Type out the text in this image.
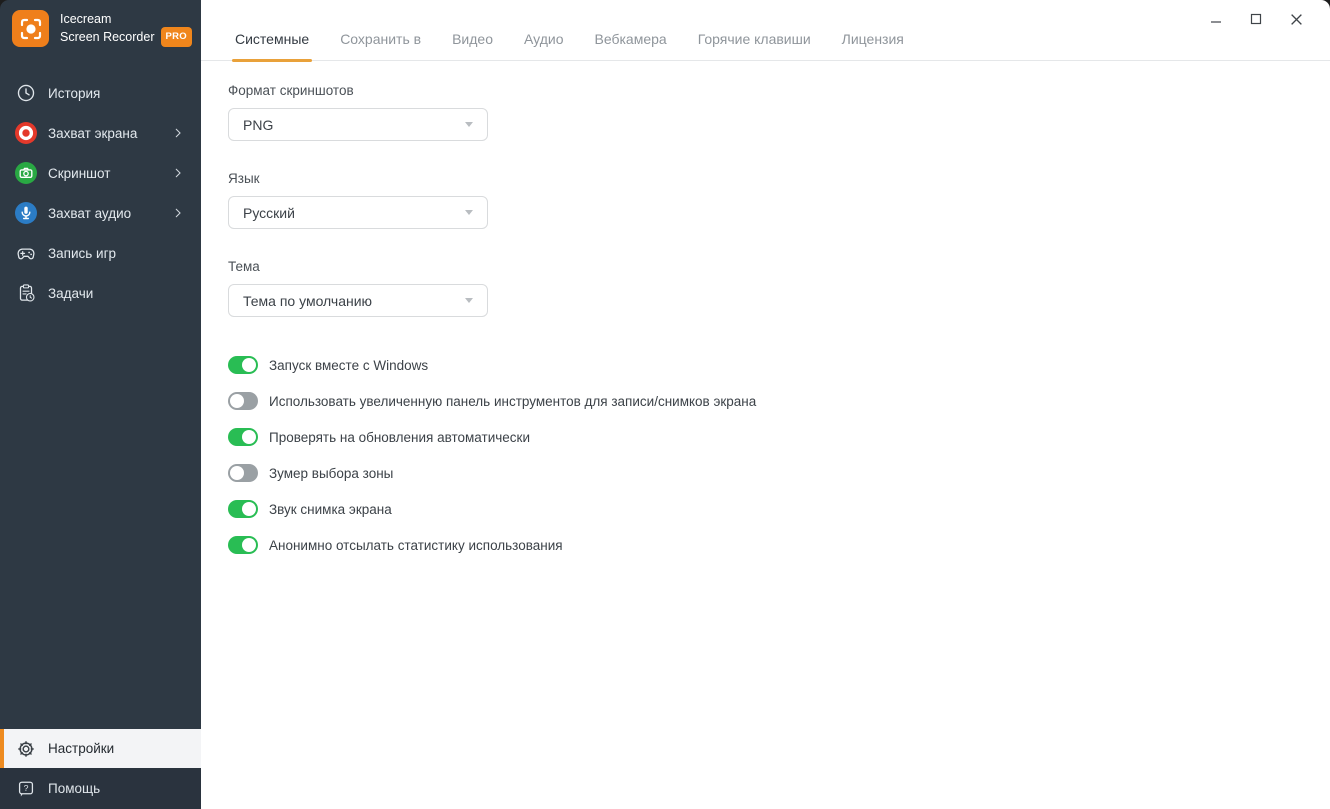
Icecream
Screen Recorder	PRO
История
Захват экрана
Скриншот
Захват аудио
Запись игр
Задачи
Настройки
? Помощь
Системные Сохранить в Видео Аудио Вебкамера Горячие клавиши Лицензия
Формат скриншотов
PNG
Язык
Русский
Тема
Тема по умолчанию
Запуск вместе с Windows
Использовать увеличенную панель инструментов для записи/снимков экрана
Проверять на обновления автоматически
Зумер выбора зоны
Звук снимка экрана
Анонимно отсылать статистику использования
